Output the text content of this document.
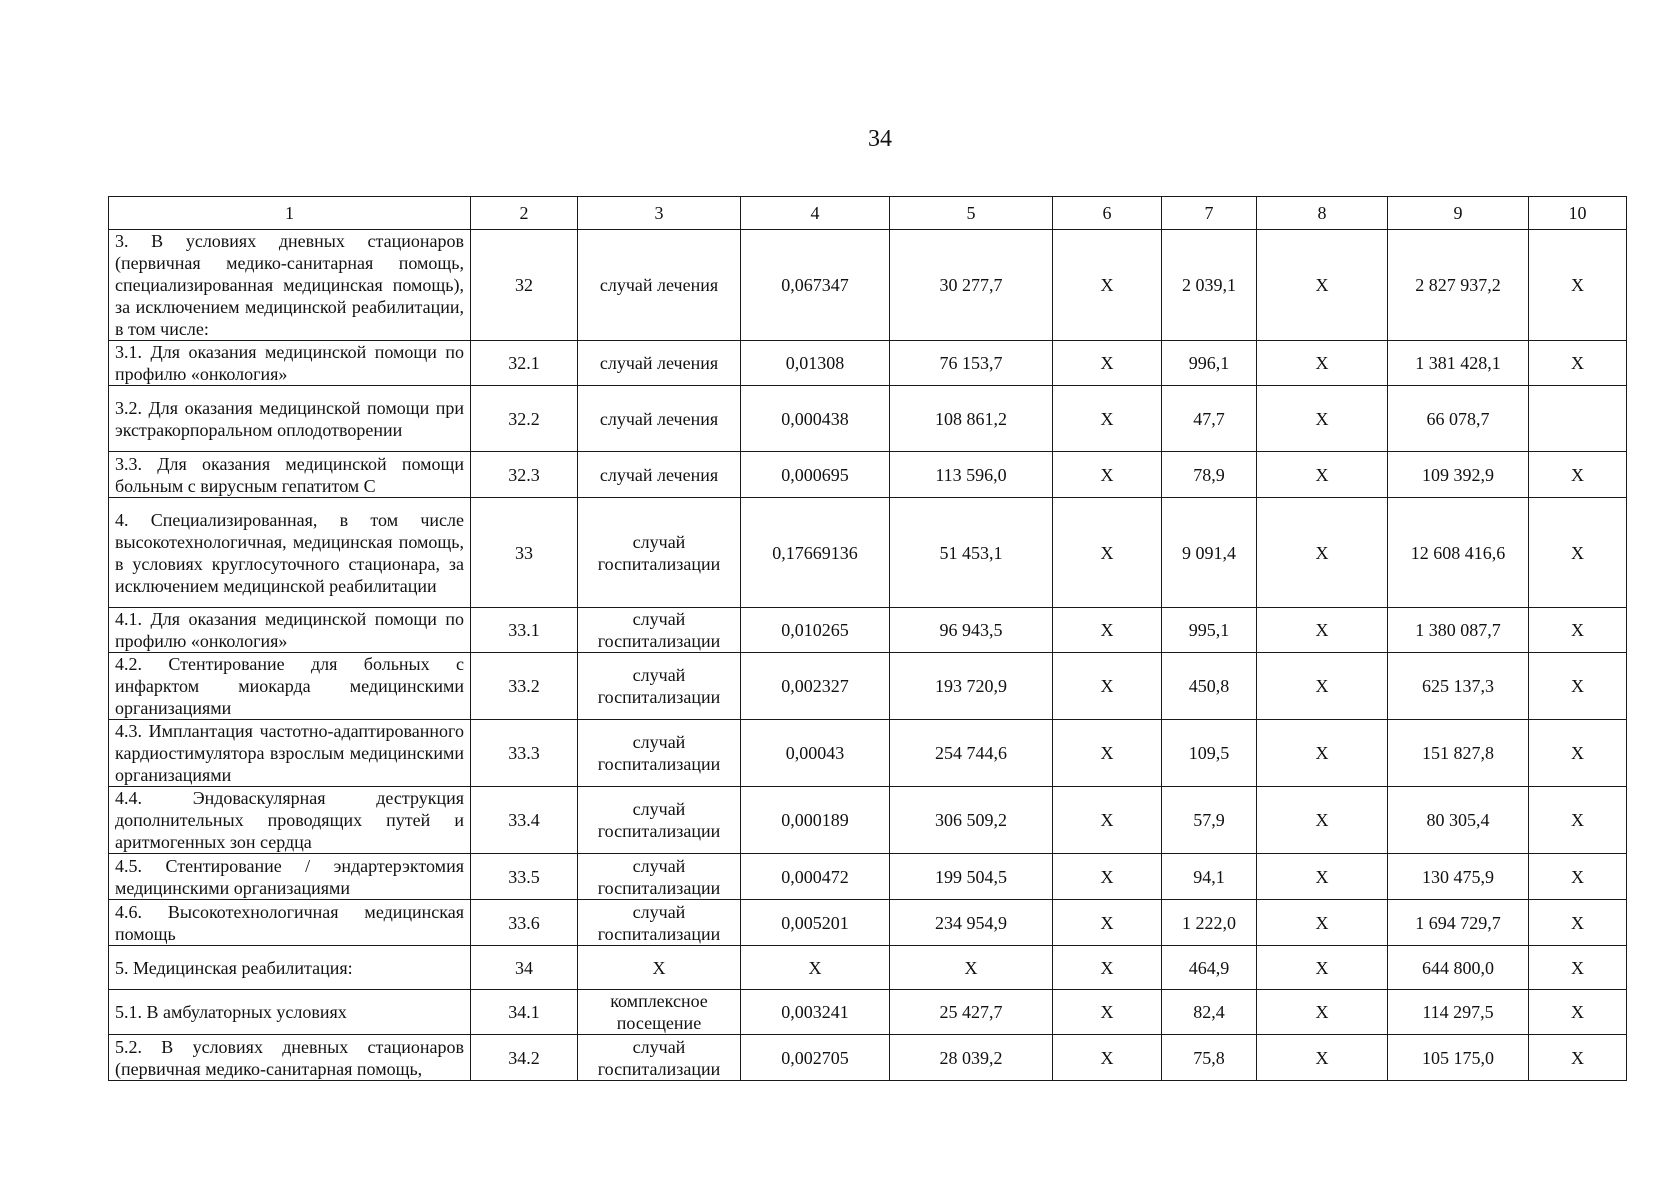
34
1	2	3	4	5	6	7	8	9	10
3. В условиях дневных стационаров (первичная медико-санитарная помощь, специализированная медицинская помощь), за исключением медицинской реабилитации, в том числе:	32	случай лечения	0,067347	30 277,7	Х	2 039,1	Х	2 827 937,2	Х
3.1. Для оказания медицинской помощи по профилю «онкология»	32.1	случай лечения	0,01308	76 153,7	Х	996,1	Х	1 381 428,1	Х
3.2. Для оказания медицинской помощи при экстракорпоральном оплодотворении	32.2	случай лечения	0,000438	108 861,2	Х	47,7	Х	66 078,7	
3.3. Для оказания медицинской помощи больным с вирусным гепатитом С	32.3	случай лечения	0,000695	113 596,0	Х	78,9	Х	109 392,9	Х
4. Специализированная, в том числе высокотехнологичная, медицинская помощь, в условиях круглосуточного стационара, за исключением медицинской реабилитации	33	случай госпитализации	0,17669136	51 453,1	Х	9 091,4	Х	12 608 416,6	Х
4.1. Для оказания медицинской помощи по профилю «онкология»	33.1	случай госпитализации	0,010265	96 943,5	Х	995,1	Х	1 380 087,7	Х
4.2. Стентирование для больных с инфарктом миокарда медицинскими организациями	33.2	случай госпитализации	0,002327	193 720,9	Х	450,8	Х	625 137,3	Х
4.3. Имплантация частотно-адаптированного кардиостимулятора взрослым медицинскими организациями	33.3	случай госпитализации	0,00043	254 744,6	Х	109,5	Х	151 827,8	Х
4.4. Эндоваскулярная деструкция дополнительных проводящих путей и аритмогенных зон сердца	33.4	случай госпитализации	0,000189	306 509,2	Х	57,9	Х	80 305,4	Х
4.5. Стентирование / эндартерэктомия медицинскими организациями	33.5	случай госпитализации	0,000472	199 504,5	Х	94,1	Х	130 475,9	Х
4.6. Высокотехнологичная медицинская помощь	33.6	случай госпитализации	0,005201	234 954,9	Х	1 222,0	Х	1 694 729,7	Х
5. Медицинская реабилитация:	34	Х	Х	Х	Х	464,9	Х	644 800,0	Х
5.1. В амбулаторных условиях	34.1	комплексное посещение	0,003241	25 427,7	Х	82,4	Х	114 297,5	Х
5.2. В условиях дневных стационаров (первичная медико-санитарная помощь,	34.2	случай госпитализации	0,002705	28 039,2	Х	75,8	Х	105 175,0	Х
